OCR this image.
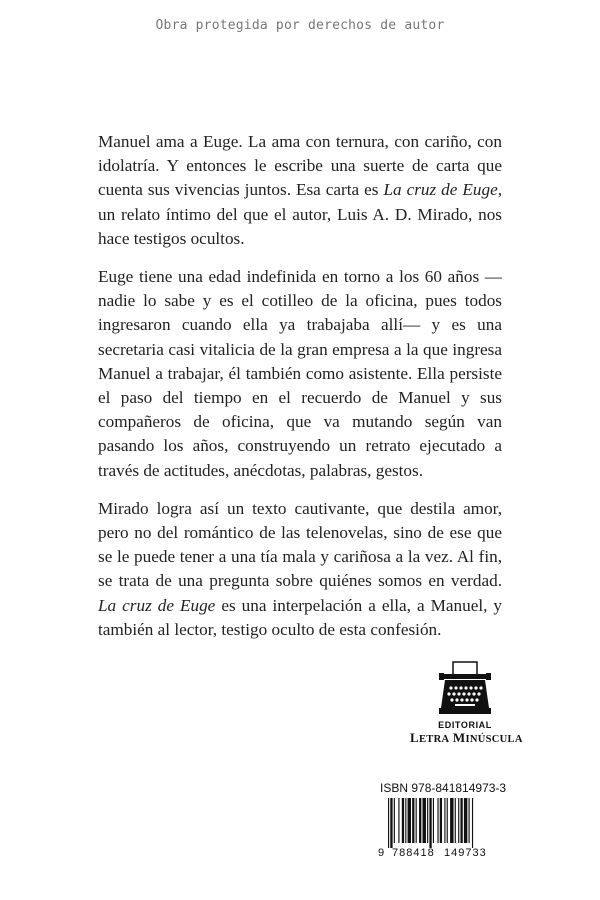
Obra protegida por derechos de autor

Manuel ama a Euge. La ama con ternura, con cariño, con idolatría. Y entonces le escribe una suerte de carta que cuenta sus vivencias juntos. Esa carta es La cruz de Euge, un relato íntimo del que el autor, Luis A. D. Mirado, nos hace testigos ocultos.

Euge tiene una edad indefinida en torno a los 60 años —nadie lo sabe y es el cotilleo de la oficina, pues todos ingresaron cuando ella ya trabajaba allí— y es una secretaria casi vitalicia de la gran empresa a la que ingresa Manuel a trabajar, él también como asistente. Ella persiste el paso del tiempo en el recuerdo de Manuel y sus compañeros de oficina, que va mutando según van pasando los años, construyendo un retrato ejecutado a través de actitudes, anécdotas, palabras, gestos.

Mirado logra así un texto cautivante, que destila amor, pero no del romántico de las telenovelas, sino de ese que se le puede tener a una tía mala y cariñosa a la vez. Al fin, se trata de una pregunta sobre quiénes somos en verdad. La cruz de Euge es una interpelación a ella, a Manuel, y también al lector, testigo oculto de esta confesión.

EDITORIAL
LETRA MINÚSCULA
ISBN 978-841814973-3
9 788418 149733
